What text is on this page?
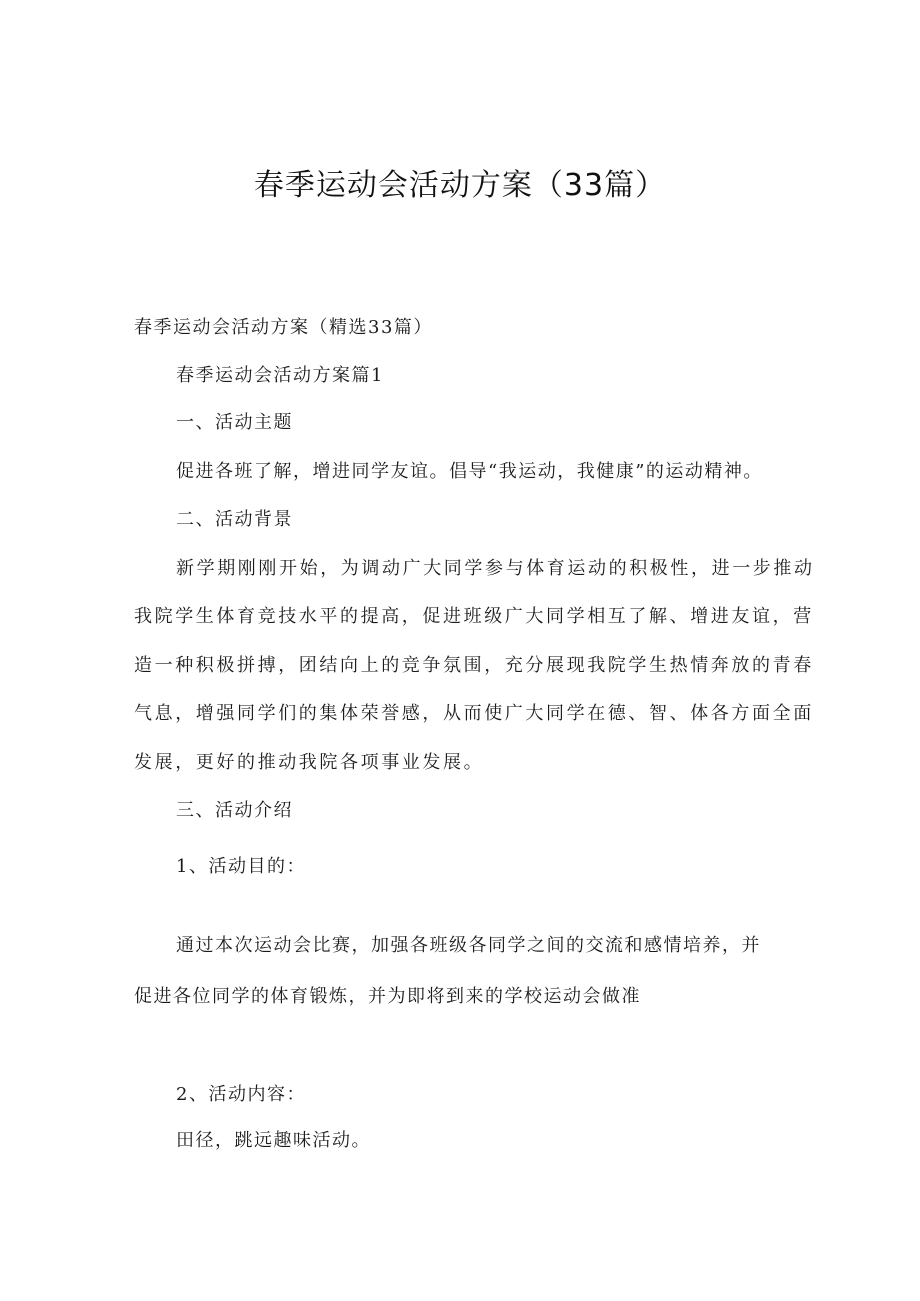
春季运动会活动方案（33篇）

春季运动会活动方案（精选33篇）

春季运动会活动方案篇1

一、活动主题

促进各班了解，增进同学友谊。倡导“我运动，我健康”的运动精神。

二、活动背景

新学期刚刚开始，为调动广大同学参与体育运动的积极性，进一步推动

我院学生体育竞技水平的提高，促进班级广大同学相互了解、增进友谊，营

造一种积极拼搏，团结向上的竞争氛围，充分展现我院学生热情奔放的青春

气息，增强同学们的集体荣誉感，从而使广大同学在德、智、体各方面全面

发展，更好的推动我院各项事业发展。

三、活动介绍

1、活动目的：

通过本次运动会比赛，加强各班级各同学之间的交流和感情培养，并

促进各位同学的体育锻炼，并为即将到来的学校运动会做准

2、活动内容：

田径，跳远趣味活动。
